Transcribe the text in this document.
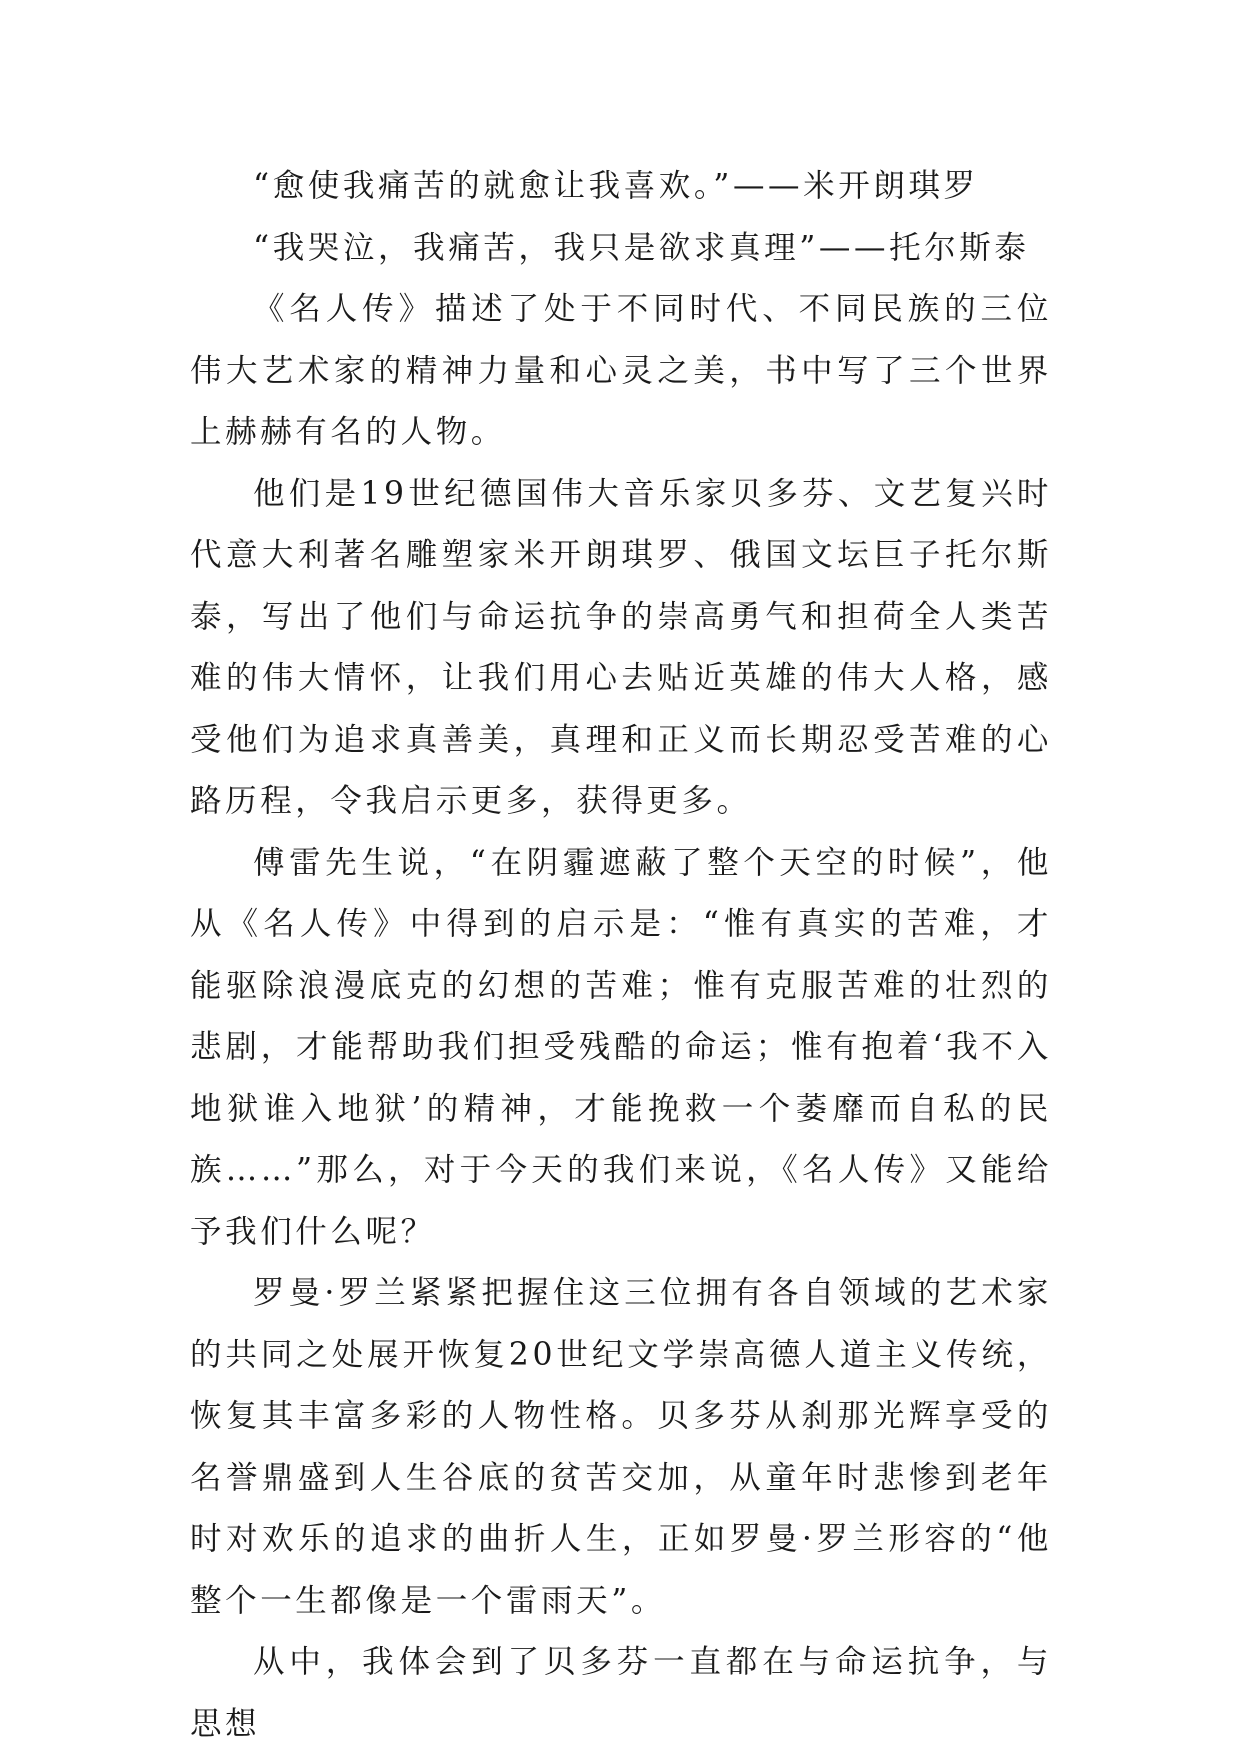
“愈使我痛苦的就愈让我喜欢。”——米开朗琪罗

“我哭泣，我痛苦，我只是欲求真理”——托尔斯泰

《名人传》描述了处于不同时代、不同民族的三位伟大艺术家的精神力量和心灵之美，书中写了三个世界上赫赫有名的人物。

他们是19世纪德国伟大音乐家贝多芬、文艺复兴时代意大利著名雕塑家米开朗琪罗、俄国文坛巨子托尔斯泰，写出了他们与命运抗争的崇高勇气和担荷全人类苦难的伟大情怀，让我们用心去贴近英雄的伟大人格，感受他们为追求真善美，真理和正义而长期忍受苦难的心路历程，令我启示更多，获得更多。

傅雷先生说，“在阴霾遮蔽了整个天空的时候”，他从《名人传》中得到的启示是：“惟有真实的苦难，才能驱除浪漫底克的幻想的苦难；惟有克服苦难的壮烈的悲剧，才能帮助我们担受残酷的命运；惟有抱着‘我不入地狱谁入地狱’的精神，才能挽救一个萎靡而自私的民族……”那么，对于今天的我们来说，《名人传》又能给予我们什么呢？

罗曼·罗兰紧紧把握住这三位拥有各自领域的艺术家的共同之处展开恢复20世纪文学崇高德人道主义传统，恢复其丰富多彩的人物性格。贝多芬从刹那光辉享受的名誉鼎盛到人生谷底的贫苦交加，从童年时悲惨到老年时对欢乐的追求的曲折人生，正如罗曼·罗兰形容的“他整个一生都像是一个雷雨天”。

从中，我体会到了贝多芬一直都在与命运抗争，与思想
